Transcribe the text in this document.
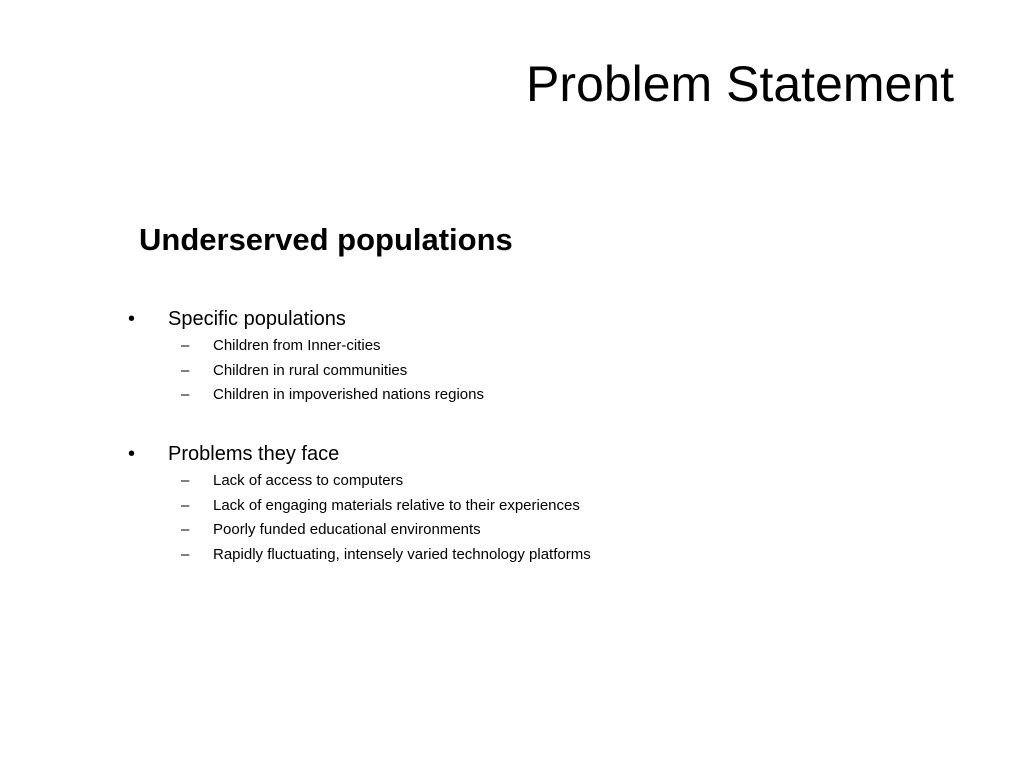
Problem Statement
Underserved populations
•	Specific populations
– Children from Inner-cities
– Children in rural communities
– Children in impoverished nations regions
•	Problems they face
– Lack of access to computers
– Lack of engaging materials relative to their experiences
– Poorly funded educational environments
– Rapidly fluctuating, intensely varied technology platforms
